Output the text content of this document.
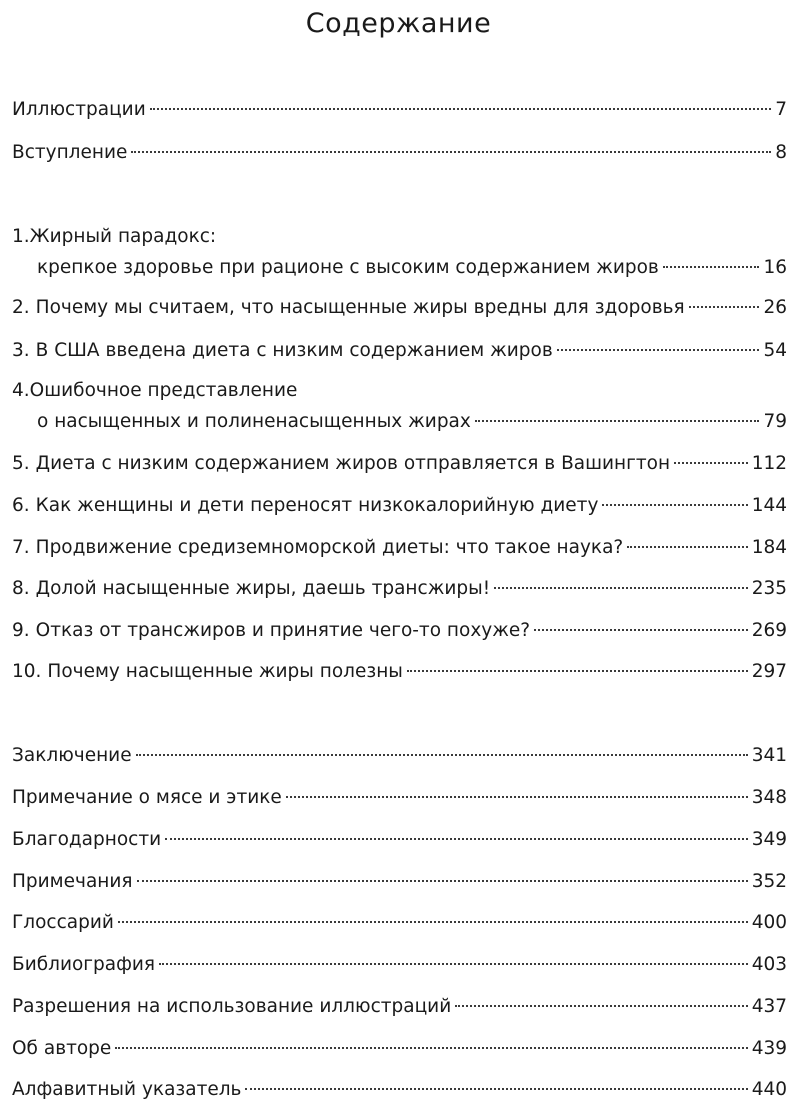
Содержание
Иллюстрации	7
Вступление	8
1.Жирный парадокс:
крепкое здоровье при рационе с высоким содержанием жиров	16
2. Почему мы считаем, что насыщенные жиры вредны для здоровья	26
3. В США введена диета с низким содержанием жиров	54
4.Ошибочное представление
о насыщенных и полиненасыщенных жирах	79
5. Диета с низким содержанием жиров отправляется в Вашингтон	112
6. Как женщины и дети переносят низкокалорийную диету	144
7. Продвижение средиземноморской диеты: что такое наука?	184
8. Долой насыщенные жиры, даешь трансжиры!	235
9. Отказ от трансжиров и принятие чего-то похуже?	269
10. Почему насыщенные жиры полезны	297
Заключение	341
Примечание о мясе и этике	348
Благодарности	349
Примечания	352
Глоссарий	400
Библиография	403
Разрешения на использование иллюстраций	437
Об авторе	439
Алфавитный указатель	440
